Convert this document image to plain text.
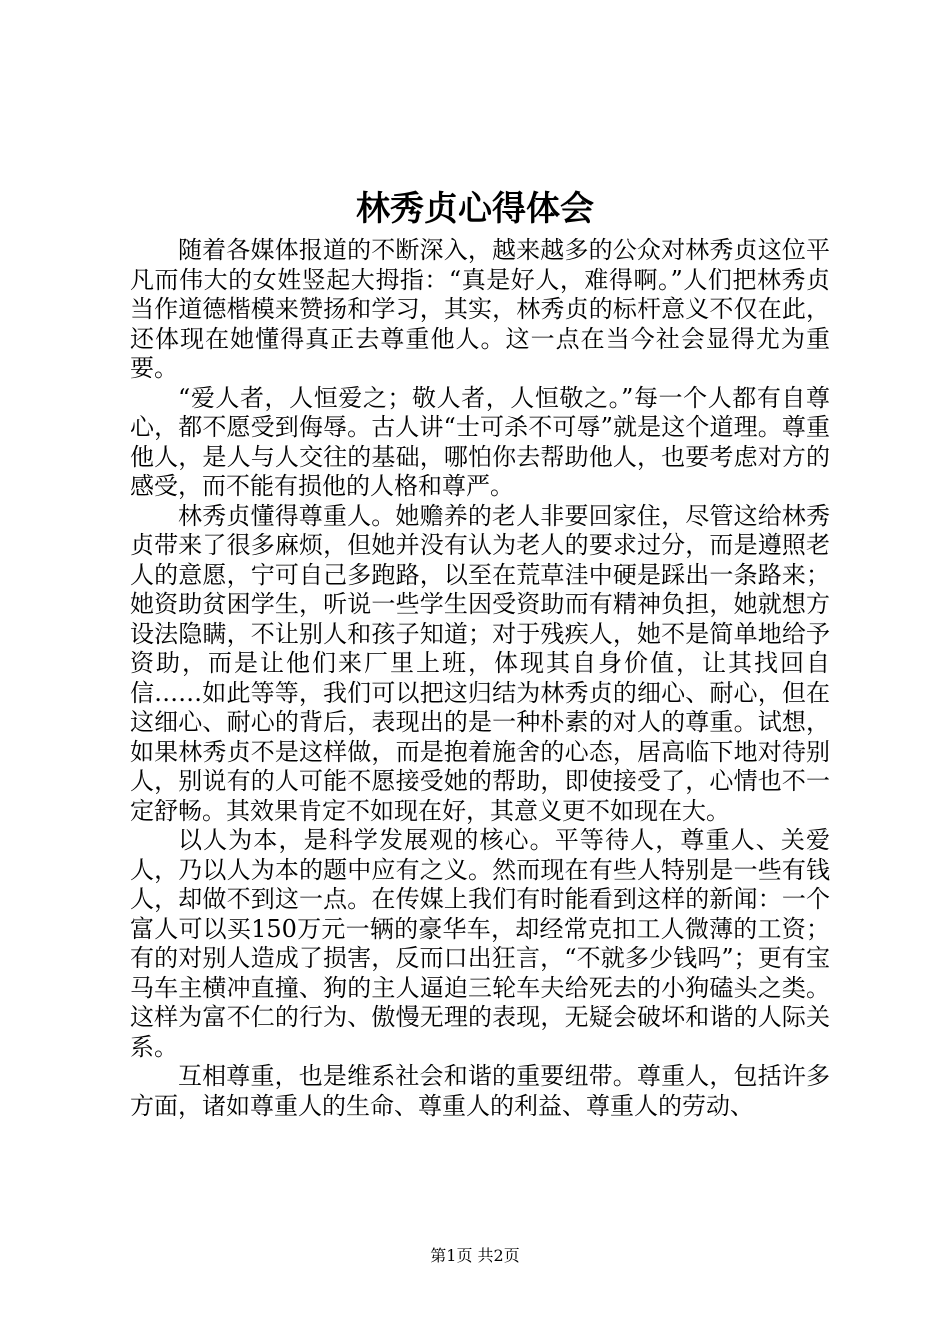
林秀贞心得体会

随着各媒体报道的不断深入，越来越多的公众对林秀贞这位平凡而伟大的女姓竖起大拇指：“真是好人，难得啊。”人们把林秀贞当作道德楷模来赞扬和学习，其实，林秀贞的标杆意义不仅在此，还体现在她懂得真正去尊重他人。这一点在当今社会显得尤为重要。

“爱人者，人恒爱之；敬人者，人恒敬之。”每一个人都有自尊心，都不愿受到侮辱。古人讲“士可杀不可辱”就是这个道理。尊重他人，是人与人交往的基础，哪怕你去帮助他人，也要考虑对方的感受，而不能有损他的人格和尊严。

林秀贞懂得尊重人。她赡养的老人非要回家住，尽管这给林秀贞带来了很多麻烦，但她并没有认为老人的要求过分，而是遵照老人的意愿，宁可自己多跑路，以至在荒草洼中硬是踩出一条路来；她资助贫困学生，听说一些学生因受资助而有精神负担，她就想方设法隐瞒，不让别人和孩子知道；对于残疾人，她不是简单地给予资助，而是让他们来厂里上班，体现其自身价值，让其找回自信……如此等等，我们可以把这归结为林秀贞的细心、耐心，但在这细心、耐心的背后，表现出的是一种朴素的对人的尊重。试想，如果林秀贞不是这样做，而是抱着施舍的心态，居高临下地对待别人，别说有的人可能不愿接受她的帮助，即使接受了，心情也不一定舒畅。其效果肯定不如现在好，其意义更不如现在大。

以人为本，是科学发展观的核心。平等待人，尊重人、关爱人，乃以人为本的题中应有之义。然而现在有些人特别是一些有钱人，却做不到这一点。在传媒上我们有时能看到这样的新闻：一个富人可以买150万元一辆的豪华车，却经常克扣工人微薄的工资；有的对别人造成了损害，反而口出狂言，“不就多少钱吗”；更有宝马车主横冲直撞、狗的主人逼迫三轮车夫给死去的小狗磕头之类。这样为富不仁的行为、傲慢无理的表现，无疑会破坏和谐的人际关系。

互相尊重，也是维系社会和谐的重要纽带。尊重人，包括许多方面，诸如尊重人的生命、尊重人的利益、尊重人的劳动、

第1页 共2页
